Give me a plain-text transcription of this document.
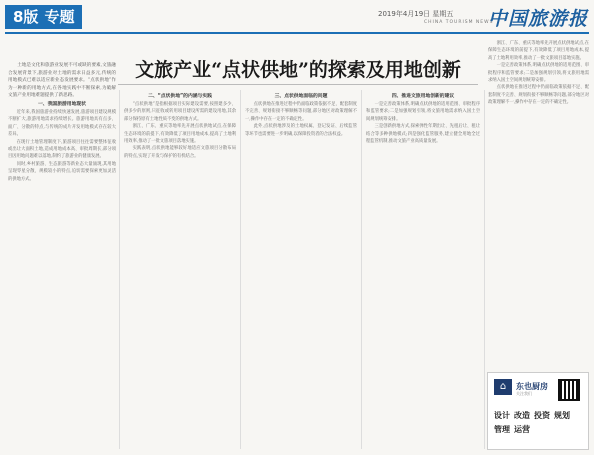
8版 专题	2019年4月19日 星期五
CHINA TOURISM NEWS
中国旅游报
文旅产业“点状供地”的探索及用地创新

土地是文化和旅游业发展不可或缺的要素,文旅融合发展背景下,旅游业对土地的需求日益多元,传统的用地模式已难以适应新业态发展要求。“点状供地”作为一种新的用地方式,在各地实践中不断探索,为破解文旅产业用地难题提供了新思路。

一、我国旅游用地现状

近年来,我国旅游业持续快速发展,旅游项目建设规模不断扩大,旅游用地需求持续增长。旅游用地具有点多、面广、分散的特点,与传统的成片开发用地模式存在较大差异。

在现行土地管理制度下,旅游项目往往需要整体征收或出让大面积土地,造成用地成本高、审批周期长,部分项目因用地问题难以落地,制约了旅游业的健康发展。

同时,乡村旅游、生态旅游等新业态大量涌现,其用地呈现零星分散、规模较小的特点,迫切需要探索更加灵活的供地方式。

二、“点状供地”的内涵与实践

“点状供地”是指根据项目实际建设需要,按照建多少、供多少的原则,只征收或转用项目建设所需的建设用地,其余部分保持原有土地性质不变的供地方式。

浙江、广东、重庆等地率先开展点状供地试点,在保障生态环境的前提下,有效降低了项目用地成本,提高了土地利用效率,推动了一批文旅项目落地实施。

实践表明,点状供地能够较好地适应文旅项目分散布局的特点,实现了开发与保护的有机结合。

三、点状供地面临的问题

点状供地在推进过程中仍面临政策依据不足、配套制度不完善、规划衔接不够顺畅等问题,部分地区对政策理解不一,操作中存在一定的不确定性。

此外,点状供地涉及的土地权属、登记发证、后续监管等环节也需要进一步明确,以保障投资者的合法权益。

四、推进文旅用地创新的建议

一是完善政策体系,明确点状供地的适用范围、审批程序和监管要求;二是加强规划引领,将文旅用地需求纳入国土空间规划统筹安排。

三是创新供地方式,探索弹性年期出让、先租后让、租让结合等多种供地模式;四是强化监管服务,建立健全用地全过程监管机制,推动文旅产业高质量发展。

浙江、广东、重庆等地率先开展点状供地试点,在保障生态环境的前提下,有效降低了项目用地成本,提高了土地利用效率,推动了一批文旅项目落地实施。

一是完善政策体系,明确点状供地的适用范围、审批程序和监管要求;二是加强规划引领,将文旅用地需求纳入国土空间规划统筹安排。

点状供地在推进过程中仍面临政策依据不足、配套制度不完善、规划衔接不够顺畅等问题,部分地区对政策理解不一,操作中存在一定的不确定性。

⌂	东也厨房
关注我们
设计 改造 投资 规划
管理 运营
